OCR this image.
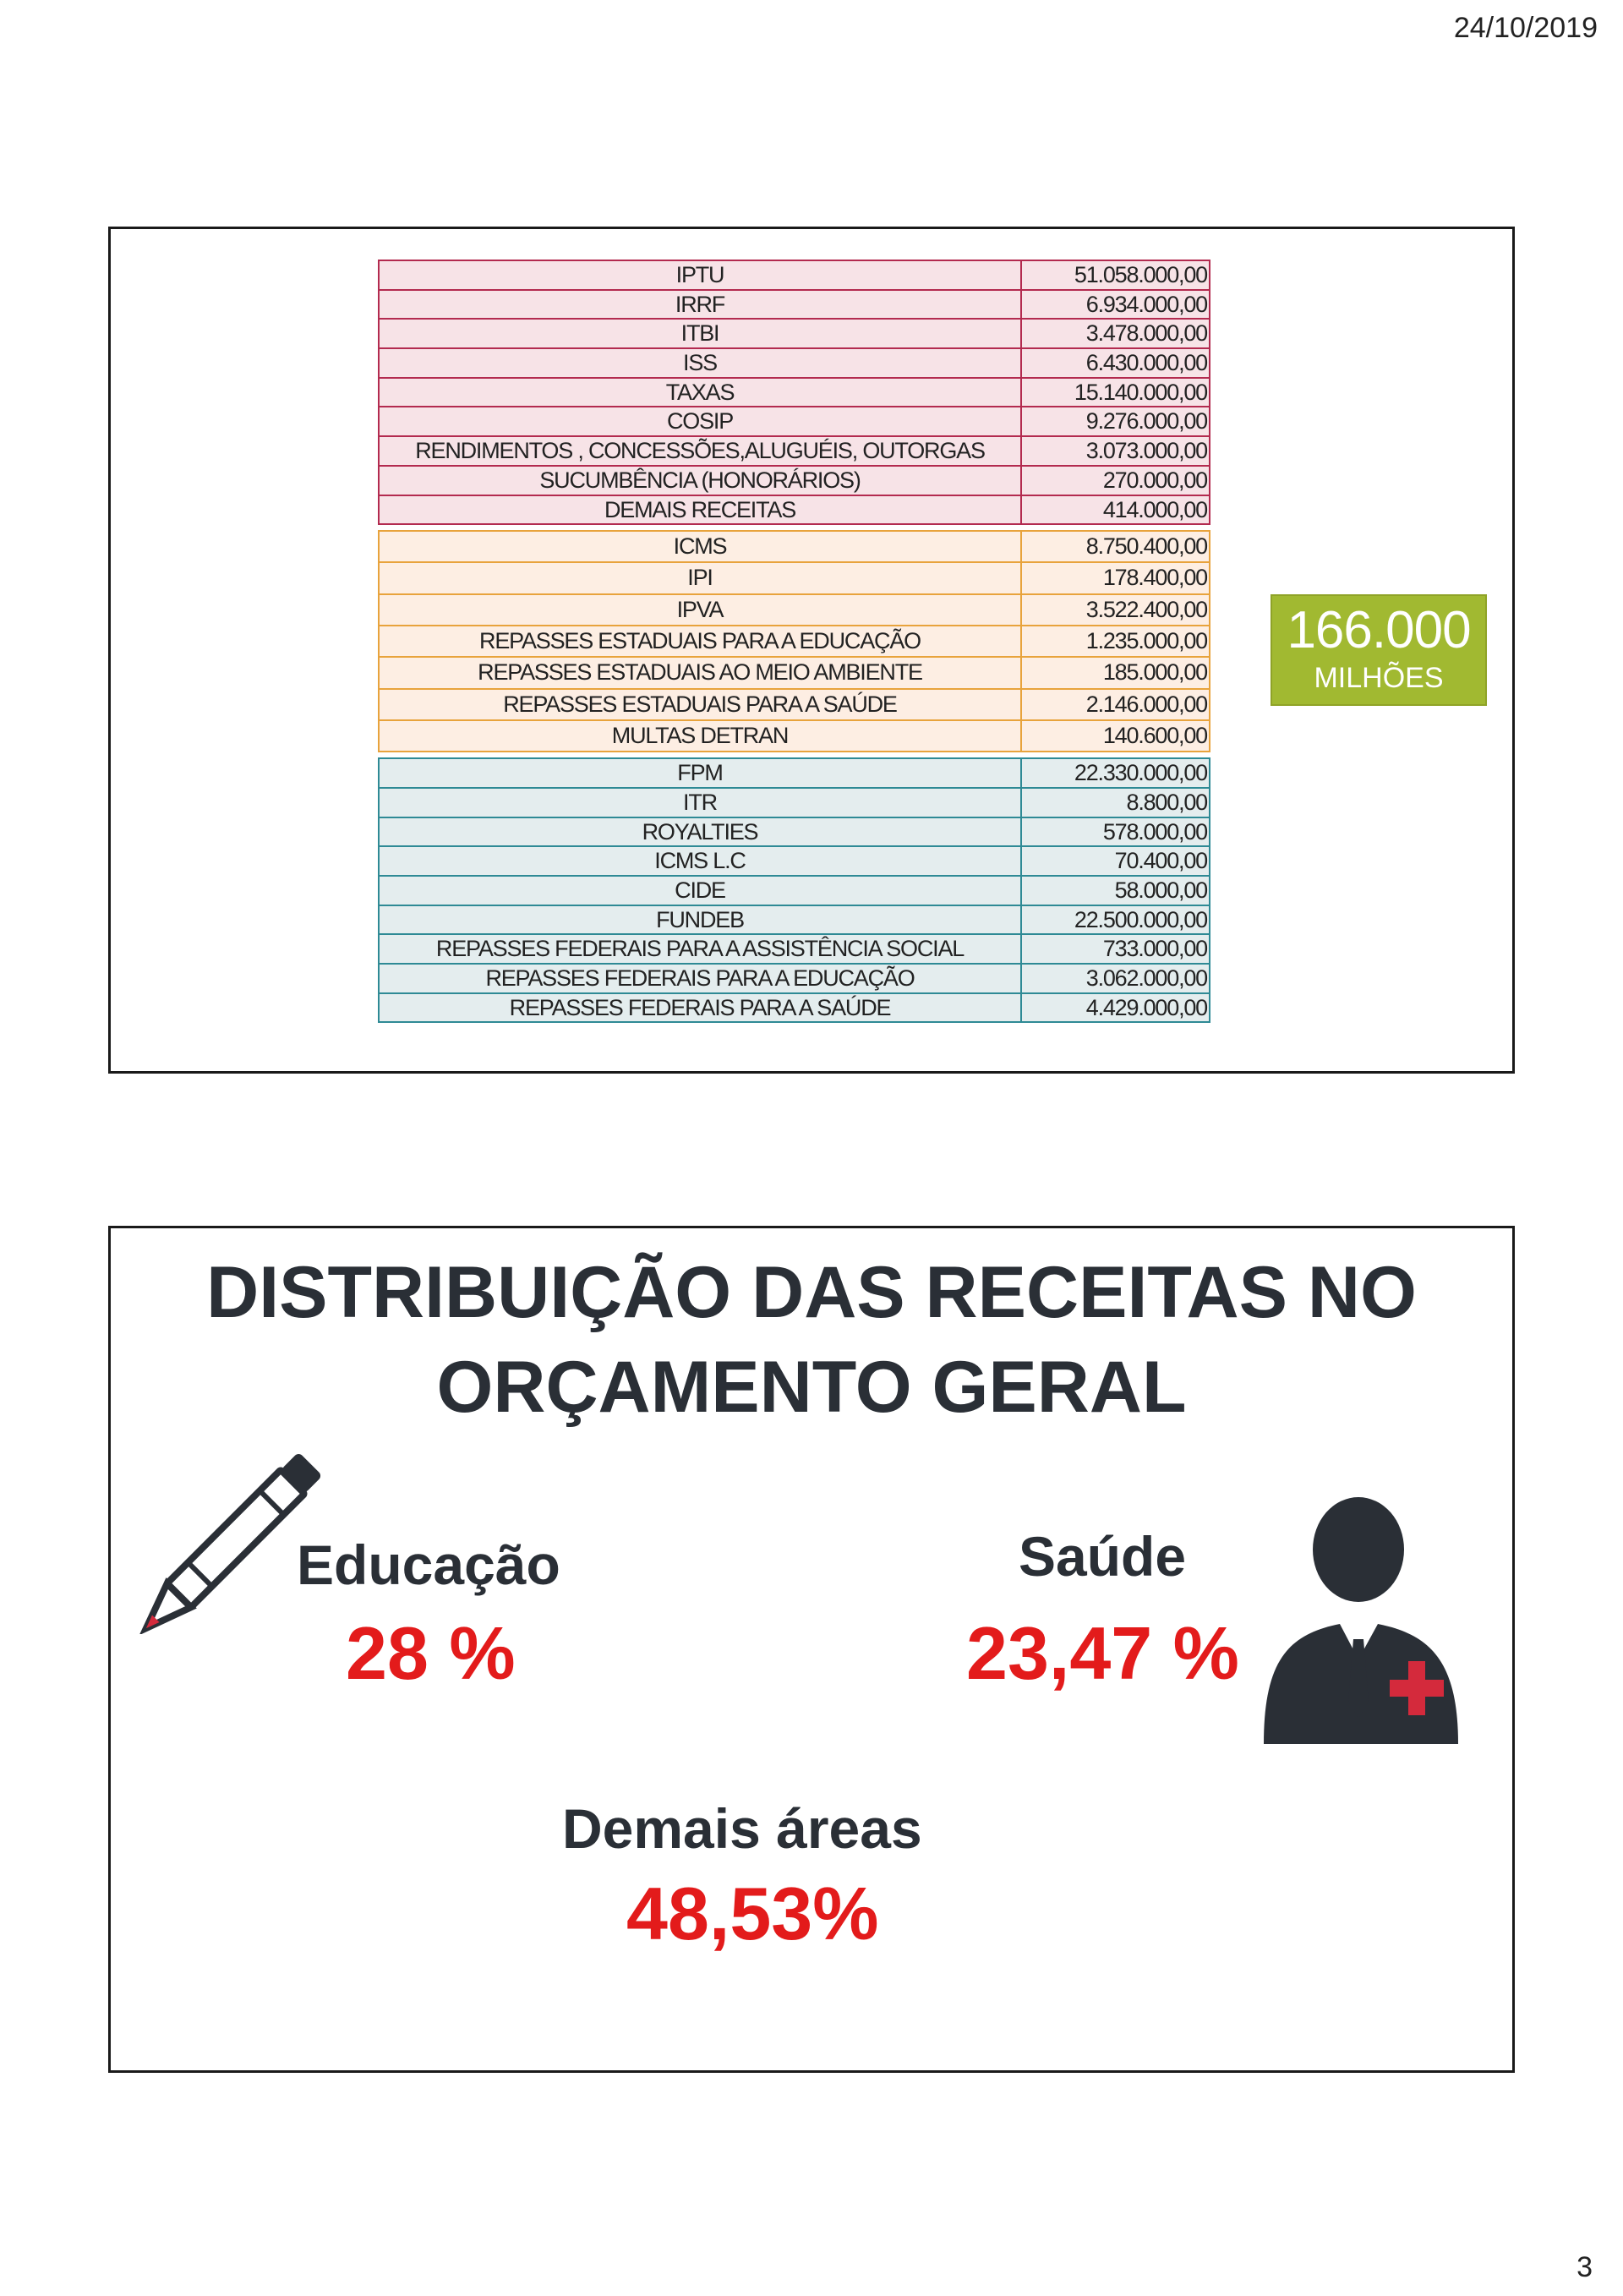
24/10/2019
IPTU	51.058.000,00
IRRF	6.934.000,00
ITBI	3.478.000,00
ISS	6.430.000,00
TAXAS	15.140.000,00
COSIP	9.276.000,00
RENDIMENTOS , CONCESSÕES,ALUGUÉIS, OUTORGAS	3.073.000,00
SUCUMBÊNCIA (HONORÁRIOS)	270.000,00
DEMAIS RECEITAS	414.000,00
ICMS	8.750.400,00
IPI	178.400,00
IPVA	3.522.400,00
REPASSES ESTADUAIS PARA A EDUCAÇÃO	1.235.000,00
REPASSES ESTADUAIS AO MEIO AMBIENTE	185.000,00
REPASSES ESTADUAIS PARA A SAÚDE	2.146.000,00
MULTAS DETRAN	140.600,00
FPM	22.330.000,00
ITR	8.800,00
ROYALTIES	578.000,00
ICMS L.C	70.400,00
CIDE	58.000,00
FUNDEB	22.500.000,00
REPASSES FEDERAIS PARA A ASSISTÊNCIA SOCIAL	733.000,00
REPASSES FEDERAIS PARA A EDUCAÇÃO	3.062.000,00
REPASSES FEDERAIS PARA A SAÚDE	4.429.000,00
166.000
MILHÕES
DISTRIBUIÇÃO DAS RECEITAS NO
ORÇAMENTO GERAL
Educação
28 %
Saúde
23,47 %
Demais áreas
48,53%
3
